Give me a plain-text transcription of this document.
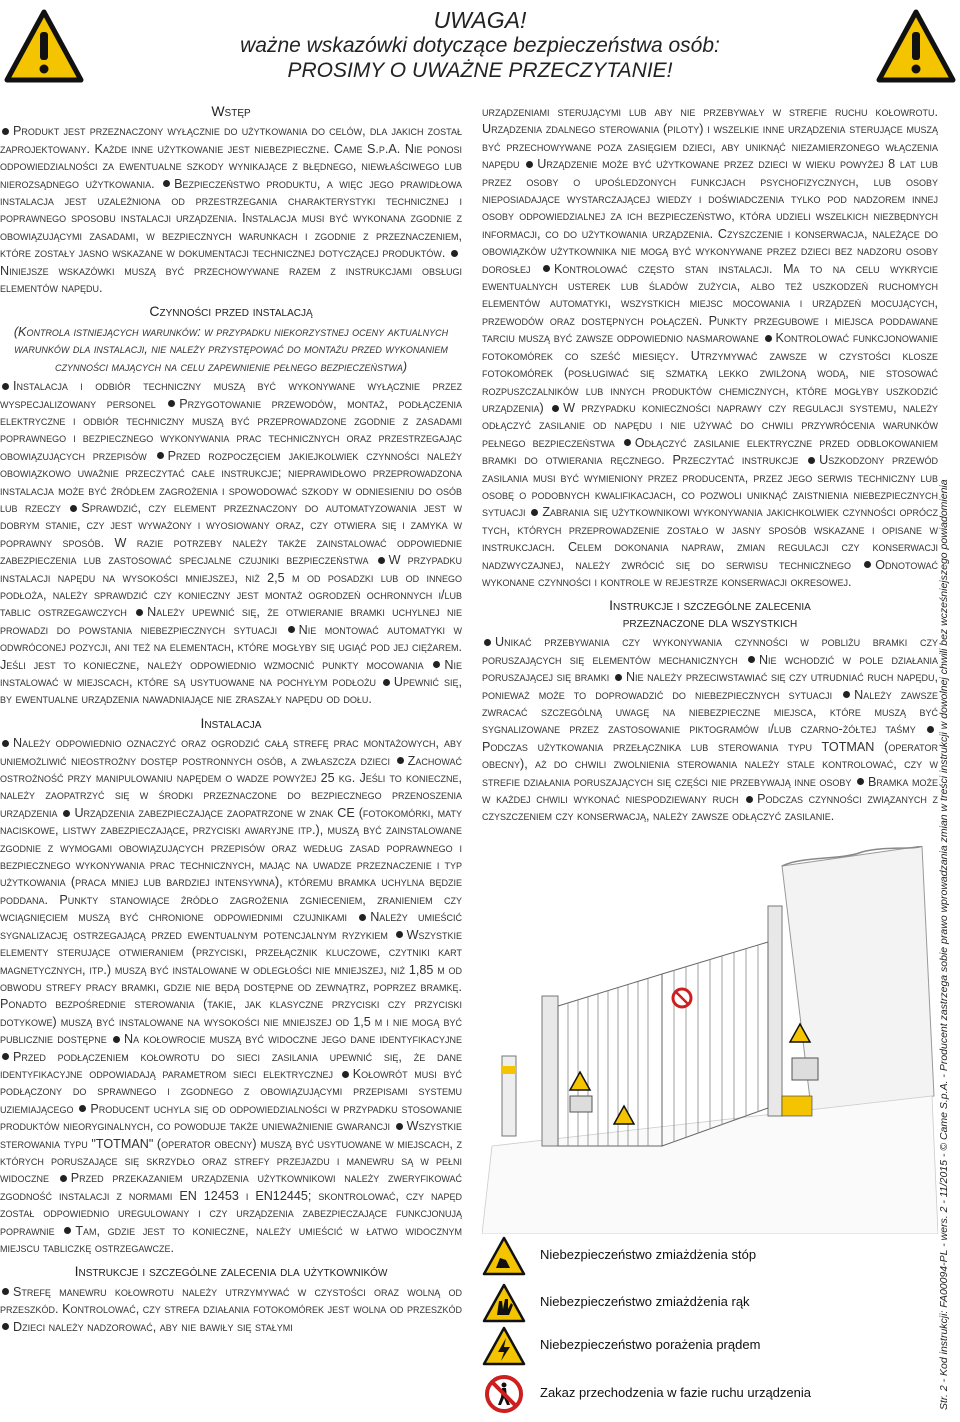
UWAGA!
ważne wskazówki dotyczące bezpieczeństwa osób:
PROSIMY O UWAŻNE PRZECZYTANIE!
Wstęp

Produkt jest przeznaczony wyłącznie do użytkowania do celów, dla jakich został zaprojektowany. Każde inne użytkowanie jest niebezpieczne. Came S.p.A. Nie ponosi odpowiedzialności za ewentualne szkody wynikające z błędnego, niewłaściwego lub nierozsądnego użytkowania. Bezpieczeństwo produktu, a więc jego prawidłowa instalacja jest uzależniona od przestrzegania charakterystyki technicznej i poprawnego sposobu instalacji urządzenia. Instalacja musi być wykonana zgodnie z obowiązującymi zasadami, w bezpiecznych warunkach i zgodnie z przeznaczeniem, które zostały jasno wskazane w dokumentacji technicznej dotyczącej produktów. Niniejsze wskazówki muszą być przechowywane razem z instrukcjami obsługi elementów napędu.

Czynności przed instalacją

(Kontrola istniejących warunków: w przypadku niekorzystnej oceny aktualnych warunków dla instalacji, nie należy przystępować do montażu przed wykonaniem czynności mających na celu zapewnienie pełnego bezpieczeństwa)

Instalacja i odbiór techniczny muszą być wykonywane wyłącznie przez wyspecjalizowany personel Przygotowanie przewodów, montaż, podłączenia elektryczne i odbiór techniczny muszą być przeprowadzone zgodnie z zasadami poprawnego i bezpiecznego wykonywania prac technicznych oraz przestrzegając obowiązujących przepisów Przed rozpoczęciem jakiejkolwiek czynności należy obowiązkowo uważnie przeczytać całe instrukcje; nieprawidłowo przeprowadzona instalacja może być źródłem zagrożenia i spowodować szkody w odniesieniu do osób lub rzeczy Sprawdzić, czy element przeznaczony do automatyzowania jest w dobrym stanie, czy jest wyważony i wyosiowany oraz, czy otwiera się i zamyka w poprawny sposób. W razie potrzeby należy także zainstalować odpowiednie zabezpieczenia lub zastosować specjalne czujniki bezpieczeństwa W przypadku instalacji napędu na wysokości mniejszej, niż 2,5 m od posadzki lub od innego podłoża, należy sprawdzić czy konieczny jest montaż ogrodzeń ochronnych i/lub tablic ostrzegawczych Należy upewnić się, że otwieranie bramki uchylnej nie prowadzi do powstania niebezpiecznych sytuacji Nie montować automatyki w odwróconej pozycji, ani też na elementach, które mogłyby się ugiąć pod jej ciężarem. Jeśli jest to konieczne, należy odpowiednio wzmocnić punkty mocowania Nie instalować w miejscach, które są usytuowane na pochyłym podłożu Upewnić się, by ewentualne urządzenia nawadniające nie zraszały napędu od dołu.

Instalacja

Należy odpowiednio oznaczyć oraz ogrodzić całą strefę prac montażowych, aby uniemożliwić nieostrożny dostęp postronnych osób, a zwłaszcza dzieci Zachować ostrożność przy manipulowaniu napędem o wadze powyżej 25 kg. Jeśli to konieczne, należy zaopatrzyć się w środki przeznaczone do bezpiecznego przenoszenia urządzenia Urządzenia zabezpieczające zaopatrzone w znak CE (fotokomórki, maty naciskowe, listwy zabezpieczające, przyciski awaryjne itp.), muszą być zainstalowane zgodnie z wymogami obowiązujących przepisów oraz według zasad poprawnego i bezpiecznego wykonywania prac technicznych, mając na uwadze przeznaczenie i typ użytkowania (praca mniej lub bardziej intensywna), któremu bramka uchylna będzie poddana. Punkty stanowiące źródło zagrożenia zgnieceniem, zranieniem czy wciągnięciem muszą być chronione odpowiednimi czujnikami Należy umieścić sygnalizację ostrzegającą przed ewentualnym potencjalnym ryzykiem Wszystkie elementy sterujące otwieraniem (przyciski, przełącznik kluczowe, czytniki kart magnetycznych, itp.) muszą być instalowane w odległości nie mniejszej, niż 1,85 m od obwodu strefy pracy bramki, gdzie nie będą dostępne od zewnątrz, poprzez bramkę. Ponadto bezpośrednie sterowania (takie, jak klasyczne przyciski czy przyciski dotykowe) muszą być instalowane na wysokości nie mniejszej od 1,5 m i nie mogą być publicznie dostępne Na kołowrocie muszą być widoczne jego dane identyfikacyjne Przed podłączeniem kołowrotu do sieci zasilania upewnić się, że dane identyfikacyjne odpowiadają parametrom sieci elektrycznej Kołowrót musi być podłączony do sprawnego i zgodnego z obowiązującymi przepisami systemu uziemiającego Producent uchyla się od odpowiedzialności w przypadku stosowanie produktów nieoryginalnych, co powoduje także unieważnienie gwarancji Wszystkie sterowania typu "TOTMAN" (operator obecny) muszą być usytuowane w miejscach, z których poruszające się skrzydło oraz strefy przejazdu i manewru są w pełni widoczne Przed przekazaniem urządzenia użytkownikowi należy zweryfikować zgodność instalacji z normami EN 12453 i EN12445; skontrolować, czy napęd został odpowiednio uregulowany i czy urządzenia zabezpieczające funkcjonują poprawnie Tam, gdzie jest to konieczne, należy umieścić w łatwo widocznym miejscu tabliczkę ostrzegawcze.

Instrukcje i szczególne zalecenia dla użytkowników

Strefę manewru kołowrotu należy utrzymywać w czystości oraz wolną od przeszkód. Kontrolować, czy strefa działania fotokomórek jest wolna od przeszkód Dzieci należy nadzorować, aby nie bawiły się stałymi

urządzeniami sterującymi lub aby nie przebywały w strefie ruchu kołowrotu. Urządzenia zdalnego sterowania (piloty) i wszelkie inne urządzenia sterujące muszą być przechowywane poza zasięgiem dzieci, aby uniknąć niezamierzonego włączenia napędu Urządzenie może być użytkowane przez dzieci w wieku powyżej 8 lat lub przez osoby o upośledzonych funkcjach psychofizycznych, lub osoby nieposiadające wystarczającej wiedzy i doświadczenia tylko pod nadzorem innej osoby odpowiedzialnej za ich bezpieczeństwo, która udzieli wszelkich niezbędnych informacji, co do użytkowania urządzenia. Czyszczenie i konserwacja, należące do obowiązków użytkownika nie mogą być wykonywane przez dzieci bez nadzoru osoby dorosłej Kontrolować często stan instalacji. Ma to na celu wykrycie ewentualnych usterek lub śladów zużycia, albo też uszkodzeń ruchomych elementów automatyki, wszystkich miejsc mocowania i urządzeń mocujących, przewodów oraz dostępnych połączeń. Punkty przegubowe i miejsca poddawane tarciu muszą być zawsze odpowiednio nasmarowane Kontrolować funkcjonowanie fotokomórek co sześć miesięcy. Utrzymywać zawsze w czystości klosze fotokomórek (posługiwać się szmatką lekko zwilżoną wodą, nie stosować rozpuszczalników lub innych produktów chemicznych, które mogłyby uszkodzić urządzenia) W przypadku konieczności naprawy czy regulacji systemu, należy odłączyć zasilanie od napędu i nie używać do chwili przywrócenia warunków pełnego bezpieczeństwa Odłączyć zasilanie elektryczne przed odblokowaniem bramki do otwierania ręcznego. Przeczytać instrukcje Uszkodzony przewód zasilania musi być wymieniony przez producenta, przez jego serwis techniczny lub osobę o podobnych kwalifikacjach, co pozwoli uniknąć zaistnienia niebezpiecznych sytuacji Zabrania się użytkownikowi wykonywania jakichkolwiek czynności oprócz tych, których przeprowadzenie zostało w jasny sposób wskazane i opisane w instrukcjach. Celem dokonania napraw, zmian regulacji czy konserwacji nadzwyczajnej, należy zwrócić się do serwisu technicznego Odnotować wykonane czynności i kontrole w rejestrze konserwacji okresowej.

Instrukcje i szczególne zalecenia
przeznaczone dla wszystkich

Unikać przebywania czy wykonywania czynności w pobliżu bramki czy poruszających się elementów mechanicznych Nie wchodzić w pole działania poruszającej się bramki Nie należy przeciwstawiać się czy utrudniać ruch napędu, ponieważ może to doprowadzić do niebezpiecznych sytuacji Należy zawsze zwracać szczególną uwagę na niebezpieczne miejsca, które muszą być sygnalizowane przez zastosowanie piktogramów i/lub czarno-żółtej taśmy Podczas użytkowania przełącznika lub sterowania typu TOTMAN (operator obecny), aż do chwili zwolnienia sterowania należy stale kontrolować, czy w strefie działania poruszających się części nie przebywają inne osoby Bramka może w każdej chwili wykonać niespodziewany ruch Podczas czynności związanych z czyszczeniem czy konserwacją, należy zawsze odłączyć zasilanie.

Niebezpieczeństwo zmiażdżenia stóp
Niebezpieczeństwo zmiażdżenia rąk
Niebezpieczeństwo porażenia prądem
Zakaz przechodzenia w fazie ruchu urządzenia	Str. 2 - Kod instrukcji: FA00094-PL - wers. 2 - 11/2015 - © Came S.p.A. - Producent zastrzega sobie prawo wprowadzania zmian w treści instrukcji w dowolnej chwili bez wcześniejszego powiadomienia
